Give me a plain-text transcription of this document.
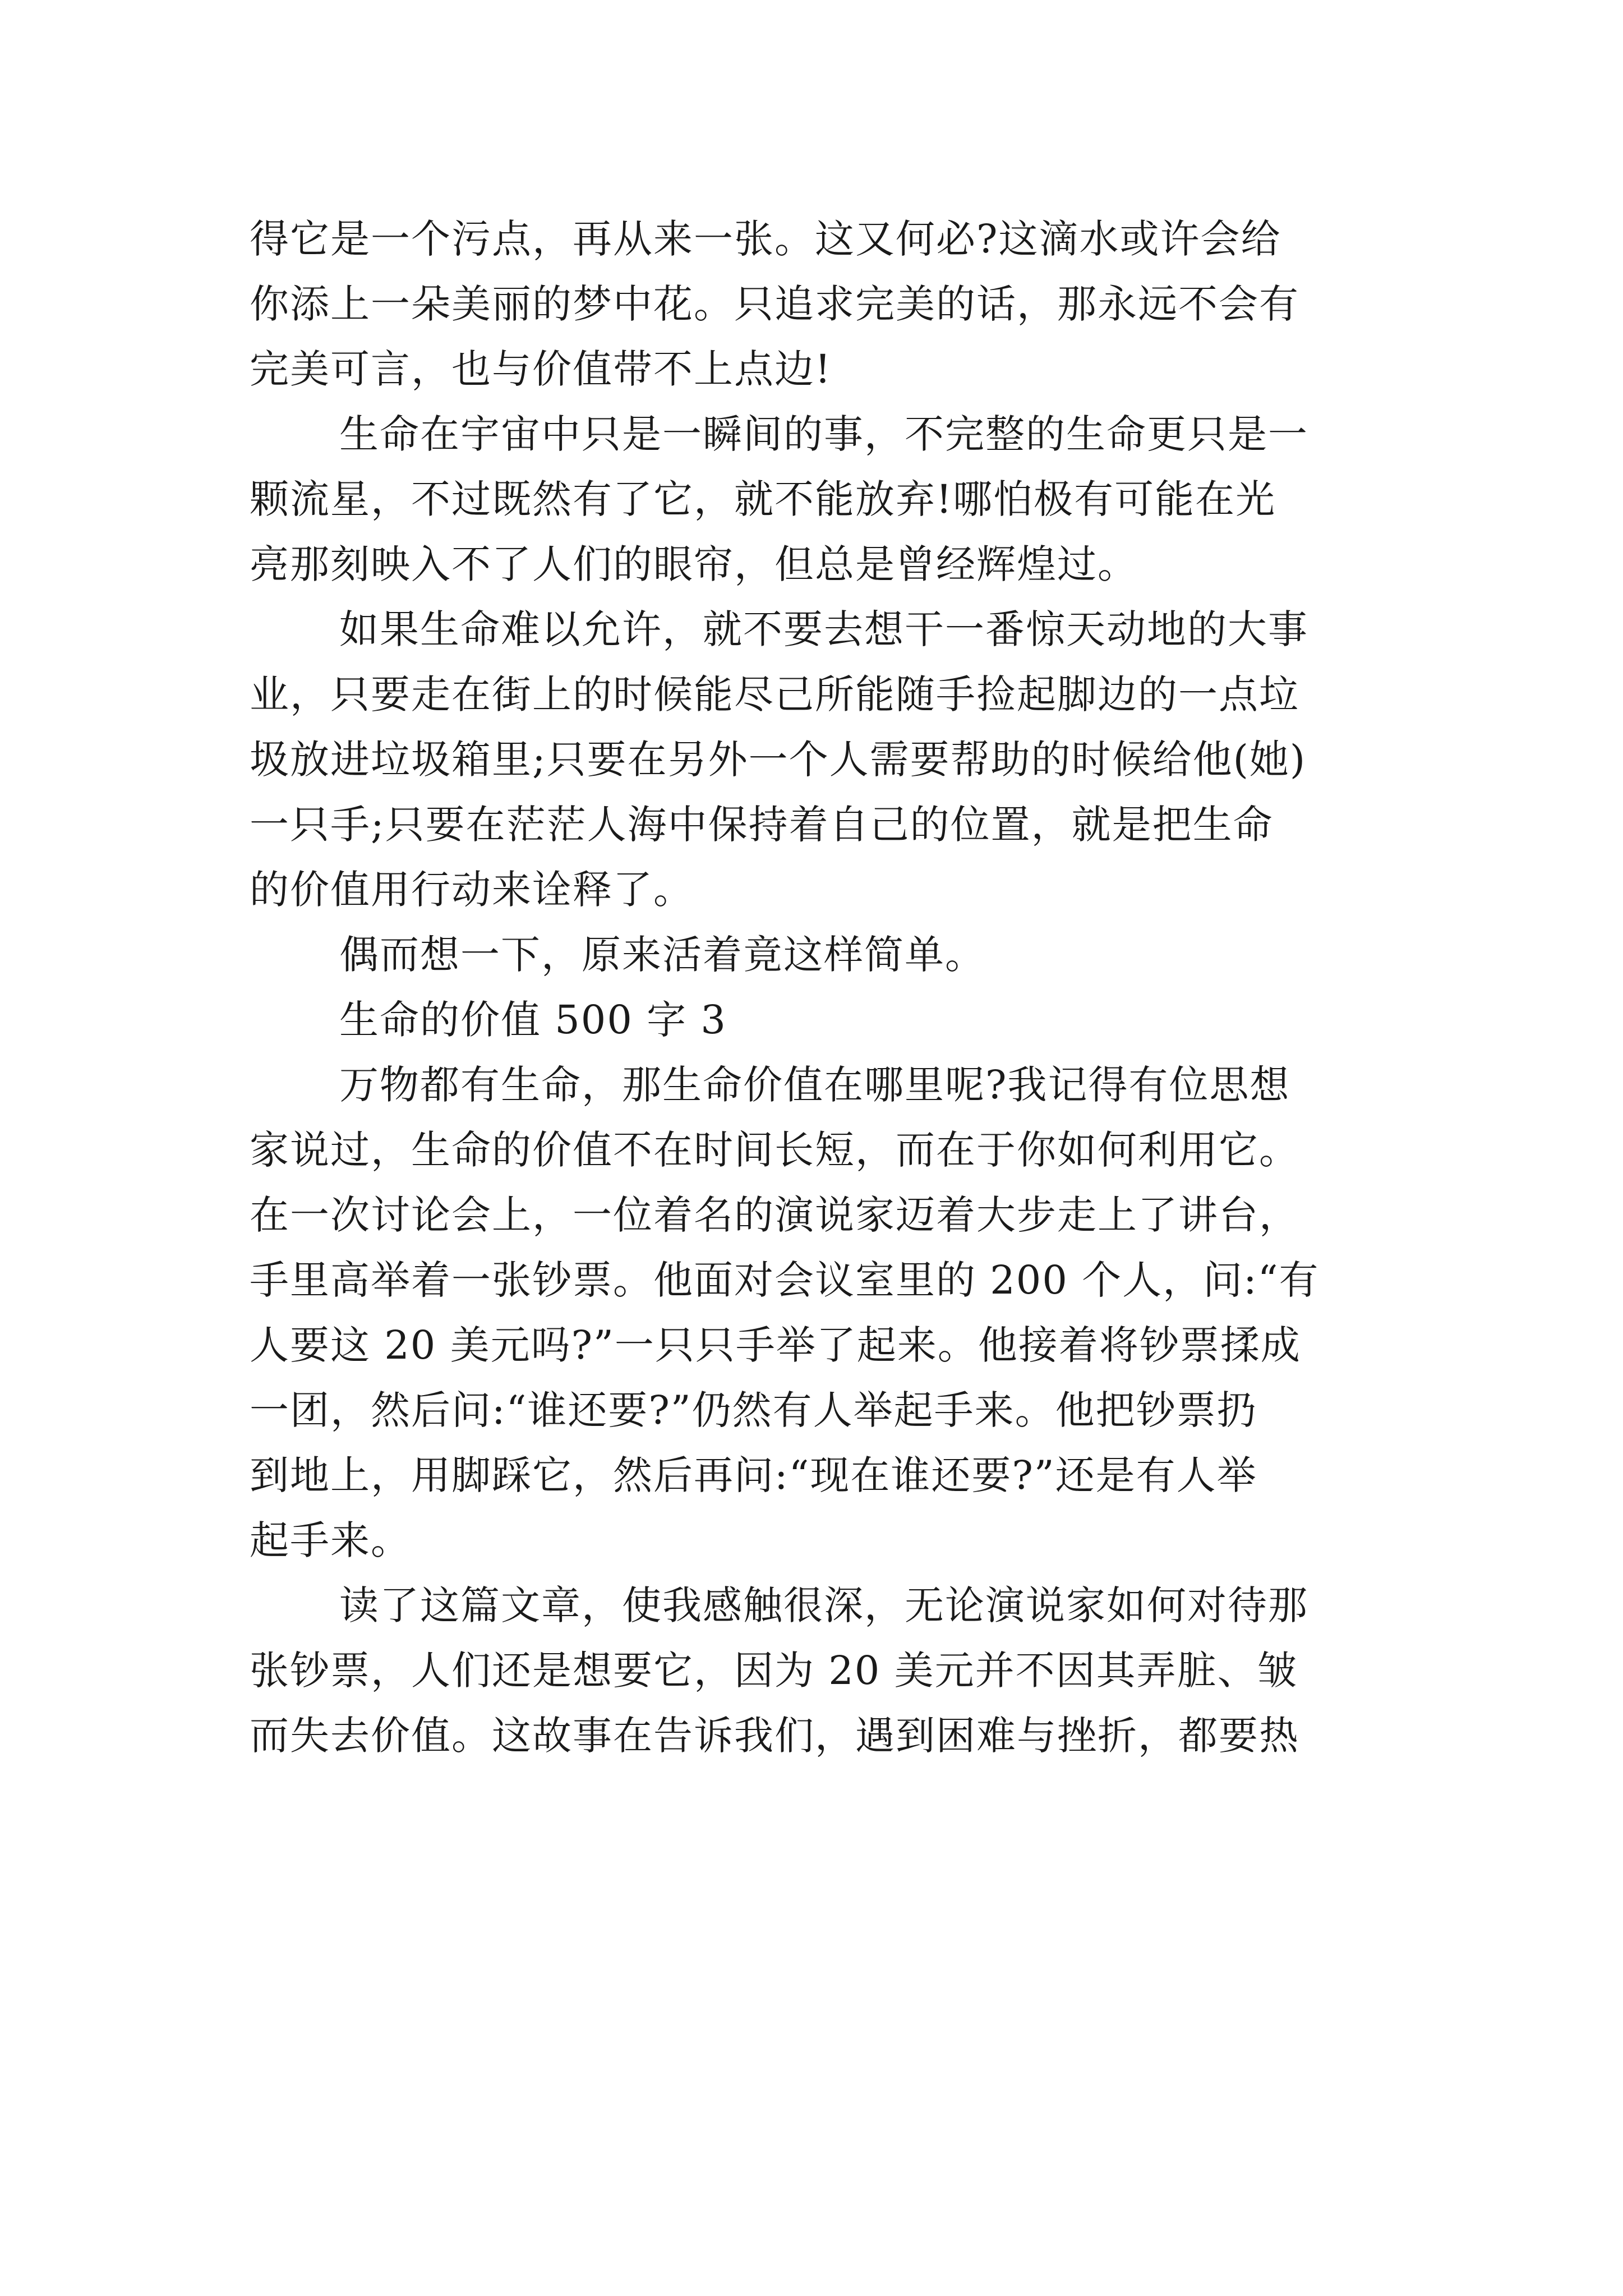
得它是一个污点，再从来一张。这又何必?这滴水或许会给
你添上一朵美丽的梦中花。只追求完美的话，那永远不会有
完美可言，也与价值带不上点边!
生命在宇宙中只是一瞬间的事，不完整的生命更只是一
颗流星，不过既然有了它，就不能放弃!哪怕极有可能在光
亮那刻映入不了人们的眼帘，但总是曾经辉煌过。
如果生命难以允许，就不要去想干一番惊天动地的大事
业，只要走在街上的时候能尽己所能随手捡起脚边的一点垃
圾放进垃圾箱里;只要在另外一个人需要帮助的时候给他(她)
一只手;只要在茫茫人海中保持着自己的位置，就是把生命
的价值用行动来诠释了。
偶而想一下，原来活着竟这样简单。
生命的价值 500 字 3
万物都有生命，那生命价值在哪里呢?我记得有位思想
家说过，生命的价值不在时间长短，而在于你如何利用它。
在一次讨论会上，一位着名的演说家迈着大步走上了讲台，
手里高举着一张钞票。他面对会议室里的 200 个人，问:“有
人要这 20 美元吗?”一只只手举了起来。他接着将钞票揉成
一团，然后问:“谁还要?”仍然有人举起手来。他把钞票扔
到地上，用脚踩它，然后再问:“现在谁还要?”还是有人举
起手来。
读了这篇文章，使我感触很深，无论演说家如何对待那
张钞票，人们还是想要它，因为 20 美元并不因其弄脏、皱
而失去价值。这故事在告诉我们，遇到困难与挫折，都要热
